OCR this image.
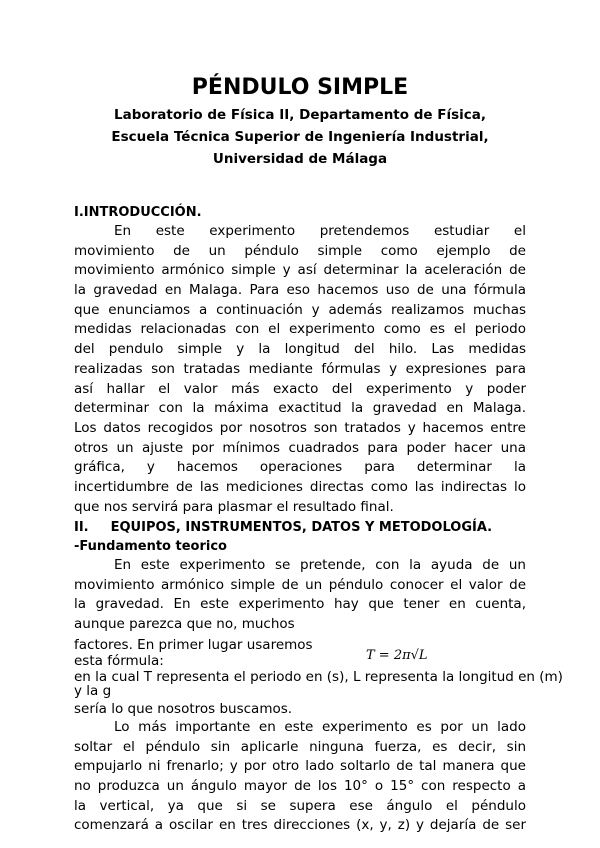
PÉNDULO SIMPLE
Laboratorio de Física II, Departamento de Física,
Escuela Técnica Superior de Ingeniería Industrial,
Universidad de Málaga
I.INTRODUCCIÓN.
En este experimento pretendemos estudiar el
movimiento de un péndulo simple como ejemplo de
movimiento armónico simple y así determinar la aceleración de
la gravedad en Malaga. Para eso hacemos uso de una fórmula
que enunciamos a continuación y además realizamos muchas
medidas relacionadas con el experimento como es el periodo
del pendulo simple y la longitud del hilo. Las medidas
realizadas son tratadas mediante fórmulas y expresiones para
así hallar el valor más exacto del experimento y poder
determinar con la máxima exactitud la gravedad en Malaga.
Los datos recogidos por nosotros son tratados y hacemos entre
otros un ajuste por mínimos cuadrados para poder hacer una
gráfica, y hacemos operaciones para determinar la
incertidumbre de las mediciones directas como las indirectas lo
que nos servirá para plasmar el resultado final.
II. EQUIPOS, INSTRUMENTOS, DATOS Y METODOLOGÍA.
-Fundamento teorico
En este experimento se pretende, con la ayuda de un
movimiento armónico simple de un péndulo conocer el valor de
la gravedad. En este experimento hay que tener en cuenta,
aunque parezca que no, muchos
factores. En primer lugar usaremos
esta fórmula:	T = 2π√L
en la cual T representa el periodo en (s), L representa la longitud en (m)
y la g
sería lo que nosotros buscamos.
Lo más importante en este experimento es por un lado
soltar el péndulo sin aplicarle ninguna fuerza, es decir, sin
empujarlo ni frenarlo; y por otro lado soltarlo de tal manera que
no produzca un ángulo mayor de los 10° o 15° con respecto a
la vertical, ya que si se supera ese ángulo el péndulo
comenzará a oscilar en tres direcciones (x, y, z) y dejaría de ser
